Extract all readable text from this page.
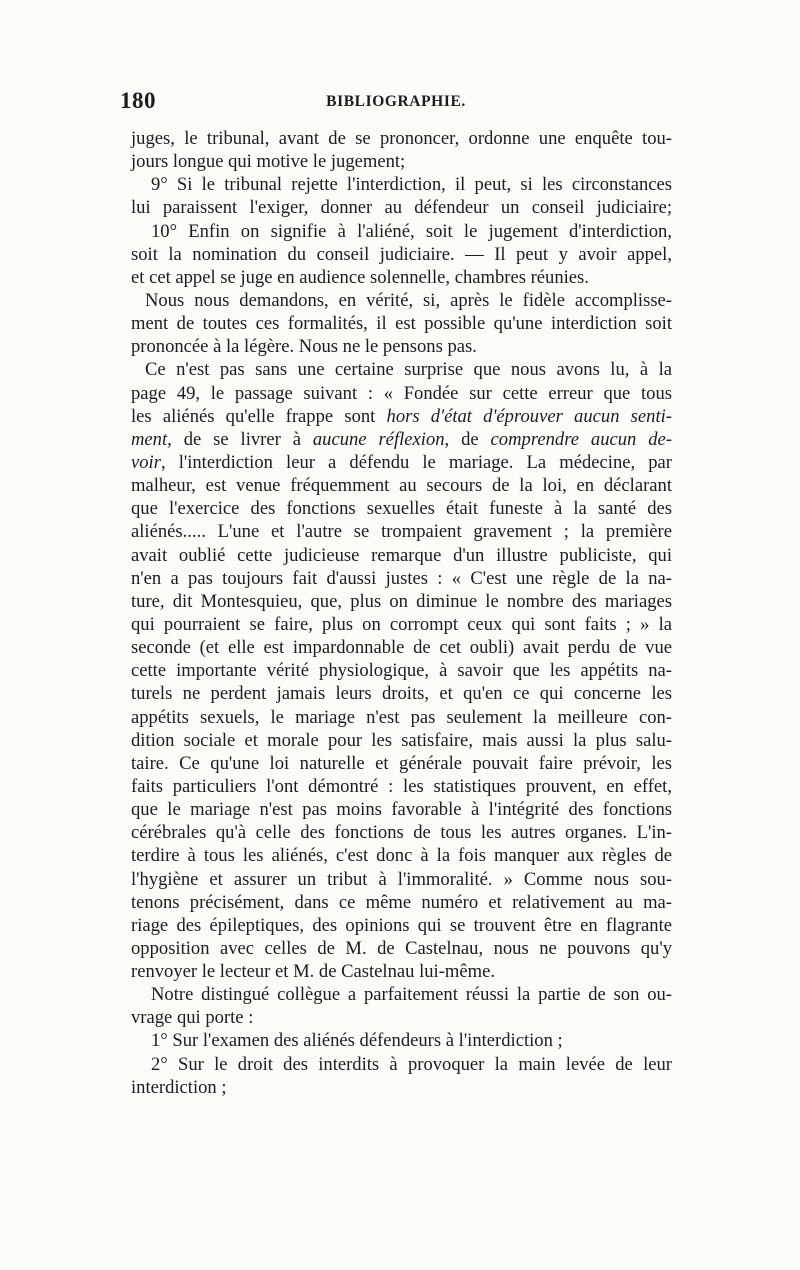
180	BIBLIOGRAPHIE.
juges, le tribunal, avant de se prononcer, ordonne une enquête tou-
jours longue qui motive le jugement;
9° Si le tribunal rejette l'interdiction, il peut, si les circonstances
lui paraissent l'exiger, donner au défendeur un conseil judiciaire;
10° Enfin on signifie à l'aliéné, soit le jugement d'interdiction,
soit la nomination du conseil judiciaire. — Il peut y avoir appel,
et cet appel se juge en audience solennelle, chambres réunies.
Nous nous demandons, en vérité, si, après le fidèle accomplisse-
ment de toutes ces formalités, il est possible qu'une interdiction soit
prononcée à la légère. Nous ne le pensons pas.
Ce n'est pas sans une certaine surprise que nous avons lu, à la
page 49, le passage suivant : « Fondée sur cette erreur que tous
les aliénés qu'elle frappe sont hors d'état d'éprouver aucun senti-
ment, de se livrer à aucune réflexion, de comprendre aucun de-
voir, l'interdiction leur a défendu le mariage. La médecine, par
malheur, est venue fréquemment au secours de la loi, en déclarant
que l'exercice des fonctions sexuelles était funeste à la santé des
aliénés..... L'une et l'autre se trompaient gravement ; la première
avait oublié cette judicieuse remarque d'un illustre publiciste, qui
n'en a pas toujours fait d'aussi justes : « C'est une règle de la na-
ture, dit Montesquieu, que, plus on diminue le nombre des mariages
qui pourraient se faire, plus on corrompt ceux qui sont faits ; » la
seconde (et elle est impardonnable de cet oubli) avait perdu de vue
cette importante vérité physiologique, à savoir que les appétits na-
turels ne perdent jamais leurs droits, et qu'en ce qui concerne les
appétits sexuels, le mariage n'est pas seulement la meilleure con-
dition sociale et morale pour les satisfaire, mais aussi la plus salu-
taire. Ce qu'une loi naturelle et générale pouvait faire prévoir, les
faits particuliers l'ont démontré : les statistiques prouvent, en effet,
que le mariage n'est pas moins favorable à l'intégrité des fonctions
cérébrales qu'à celle des fonctions de tous les autres organes. L'in-
terdire à tous les aliénés, c'est donc à la fois manquer aux règles de
l'hygiène et assurer un tribut à l'immoralité. » Comme nous sou-
tenons précisément, dans ce même numéro et relativement au ma-
riage des épileptiques, des opinions qui se trouvent être en flagrante
opposition avec celles de M. de Castelnau, nous ne pouvons qu'y
renvoyer le lecteur et M. de Castelnau lui-même.
Notre distingué collègue a parfaitement réussi la partie de son ou-
vrage qui porte :
1° Sur l'examen des aliénés défendeurs à l'interdiction ;
2° Sur le droit des interdits à provoquer la main levée de leur
interdiction ;
